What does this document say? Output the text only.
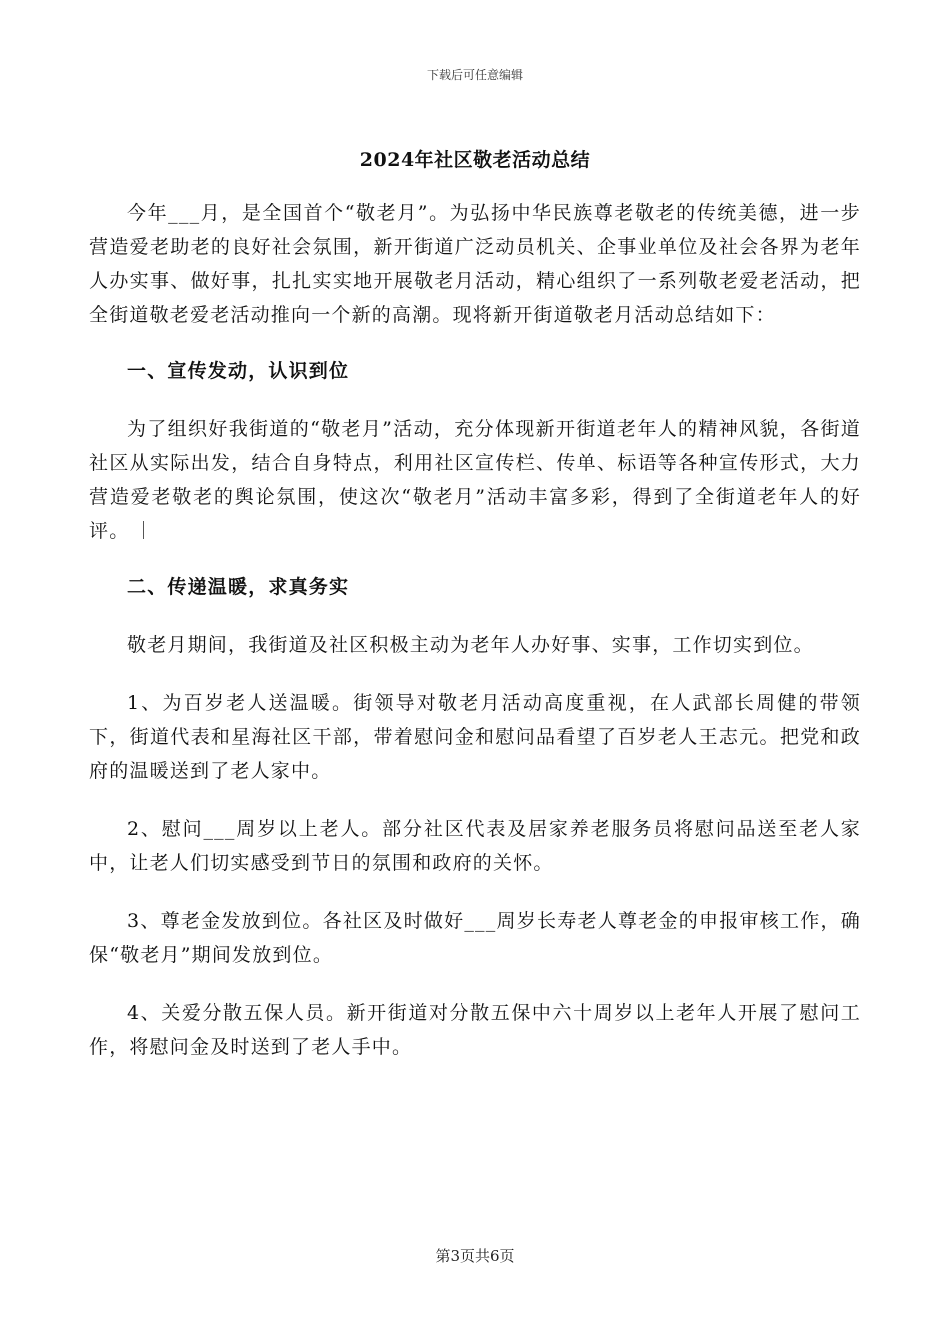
下载后可任意编辑
2024年社区敬老活动总结

今年___月，是全国首个“敬老月”。为弘扬中华民族尊老敬老的传统美德，进一步营造爱老助老的良好社会氛围，新开街道广泛动员机关、企事业单位及社会各界为老年人办实事、做好事，扎扎实实地开展敬老月活动，精心组织了一系列敬老爱老活动，把全街道敬老爱老活动推向一个新的高潮。现将新开街道敬老月活动总结如下：

一、宣传发动，认识到位

为了组织好我街道的“敬老月”活动，充分体现新开街道老年人的精神风貌，各街道社区从实际出发，结合自身特点，利用社区宣传栏、传单、标语等各种宣传形式，大力营造爱老敬老的舆论氛围，使这次“敬老月”活动丰富多彩，得到了全街道老年人的好评。

二、传递温暖，求真务实

敬老月期间，我街道及社区积极主动为老年人办好事、实事，工作切实到位。

1、为百岁老人送温暖。街领导对敬老月活动高度重视，在人武部长周健的带领下，街道代表和星海社区干部，带着慰问金和慰问品看望了百岁老人王志元。把党和政府的温暖送到了老人家中。

2、慰问___周岁以上老人。部分社区代表及居家养老服务员将慰问品送至老人家中，让老人们切实感受到节日的氛围和政府的关怀。

3、尊老金发放到位。各社区及时做好___周岁长寿老人尊老金的申报审核工作，确保“敬老月”期间发放到位。

4、关爱分散五保人员。新开街道对分散五保中六十周岁以上老年人开展了慰问工作，将慰问金及时送到了老人手中。

第3页共6页
